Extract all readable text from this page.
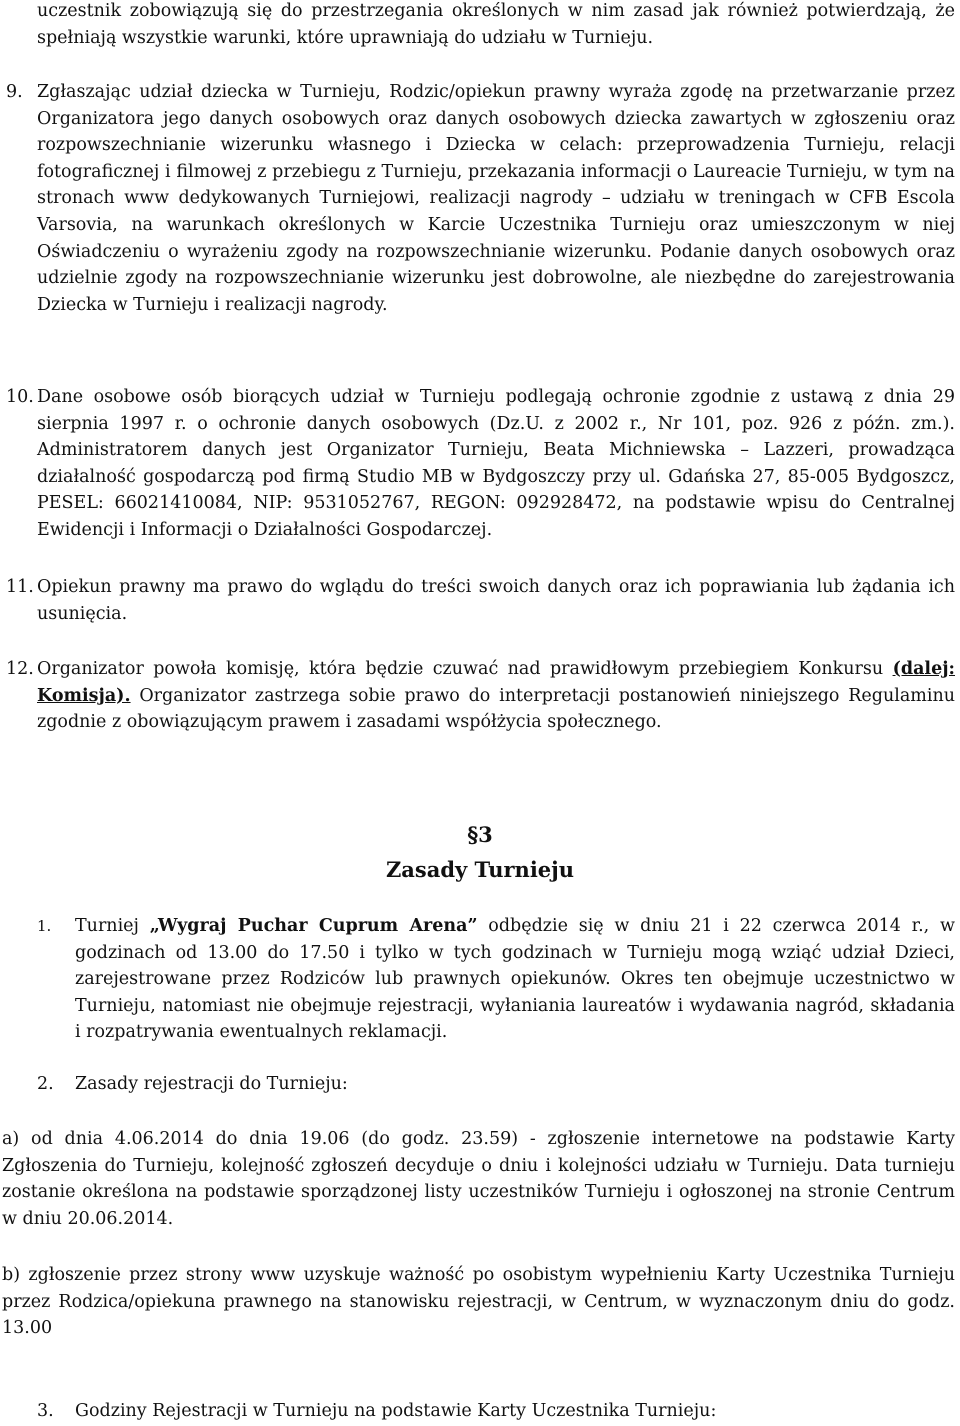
uczestnik zobowiązują się do przestrzegania określonych w nim zasad jak również potwierdzają, że spełniają wszystkie warunki, które uprawniają do udziału w Turnieju.

9. Zgłaszając udział dziecka w Turnieju, Rodzic/opiekun prawny wyraża zgodę na przetwarzanie przez Organizatora jego danych osobowych oraz danych osobowych dziecka zawartych w zgłoszeniu oraz rozpowszechnianie wizerunku własnego i Dziecka w celach: przeprowadzenia Turnieju, relacji fotograficznej i filmowej z przebiegu z Turnieju, przekazania informacji o Laureacie Turnieju, w tym na stronach www dedykowanych Turniejowi, realizacji nagrody – udziału w treningach w CFB Escola Varsovia, na warunkach określonych w Karcie Uczestnika Turnieju oraz umieszczonym w niej Oświadczeniu o wyrażeniu zgody na rozpowszechnianie wizerunku. Podanie danych osobowych oraz udzielnie zgody na rozpowszechnianie wizerunku jest dobrowolne, ale niezbędne do zarejestrowania Dziecka w Turnieju i realizacji nagrody.

10. Dane osobowe osób biorących udział w Turnieju podlegają ochronie zgodnie z ustawą z dnia 29 sierpnia 1997 r. o ochronie danych osobowych (Dz.U. z 2002 r., Nr 101, poz. 926 z późn. zm.). Administratorem danych jest Organizator Turnieju, Beata Michniewska – Lazzeri, prowadząca działalność gospodarczą pod firmą Studio MB w Bydgoszczy przy ul. Gdańska 27, 85-005 Bydgoszcz, PESEL: 66021410084, NIP: 9531052767, REGON: 092928472, na podstawie wpisu do Centralnej Ewidencji i Informacji o Działalności Gospodarczej.

11. Opiekun prawny ma prawo do wglądu do treści swoich danych oraz ich poprawiania lub żądania ich usunięcia.

12. Organizator powoła komisję, która będzie czuwać nad prawidłowym przebiegiem Konkursu (dalej: Komisja). Organizator zastrzega sobie prawo do interpretacji postanowień niniejszego Regulaminu zgodnie z obowiązującym prawem i zasadami współżycia społecznego.

§3
Zasady Turnieju
1. Turniej „Wygraj Puchar Cuprum Arena” odbędzie się w dniu 21 i 22 czerwca 2014 r., w godzinach od 13.00 do 17.50 i tylko w tych godzinach w Turnieju mogą wziąć udział Dzieci, zarejestrowane przez Rodziców lub prawnych opiekunów. Okres ten obejmuje uczestnictwo w Turnieju, natomiast nie obejmuje rejestracji, wyłaniania laureatów i wydawania nagród, składania i rozpatrywania ewentualnych reklamacji.

2. Zasady rejestracji do Turnieju:

a) od dnia 4.06.2014 do dnia 19.06 (do godz. 23.59) - zgłoszenie internetowe na podstawie Karty Zgłoszenia do Turnieju, kolejność zgłoszeń decyduje o dniu i kolejności udziału w Turnieju. Data turnieju zostanie określona na podstawie sporządzonej listy uczestników Turnieju i ogłoszonej na stronie Centrum w dniu 20.06.2014.

b) zgłoszenie przez strony www uzyskuje ważność po osobistym wypełnieniu Karty Uczestnika Turnieju przez Rodzica/opiekuna prawnego na stanowisku rejestracji, w Centrum, w wyznaczonym dniu do godz. 13.00

3. Godziny Rejestracji w Turnieju na podstawie Karty Uczestnika Turnieju:
